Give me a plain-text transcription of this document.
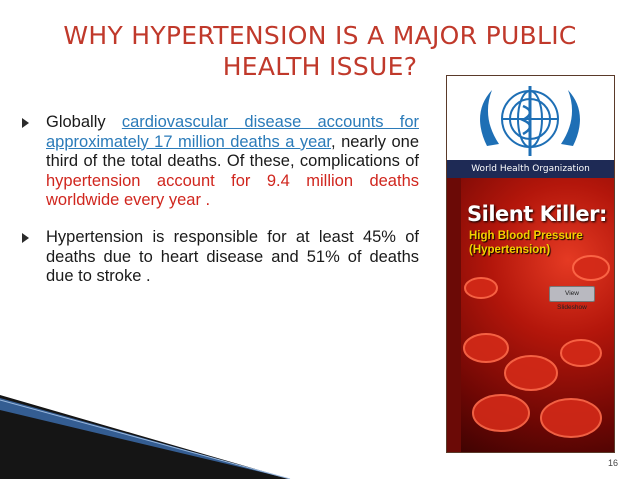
WHY HYPERTENSION IS A MAJOR PUBLIC
HEALTH ISSUE?
Globally cardiovascular disease accounts for approximately 17 million deaths a year, nearly one third of the total deaths. Of these, complications of hypertension account for 9.4 million deaths worldwide every year .
Hypertension is responsible for at least 45% of deaths due to heart disease and 51% of deaths due to stroke .
World Health Organization
Silent Killer:
High Blood Pressure
(Hypertension)
View Slideshow
16
